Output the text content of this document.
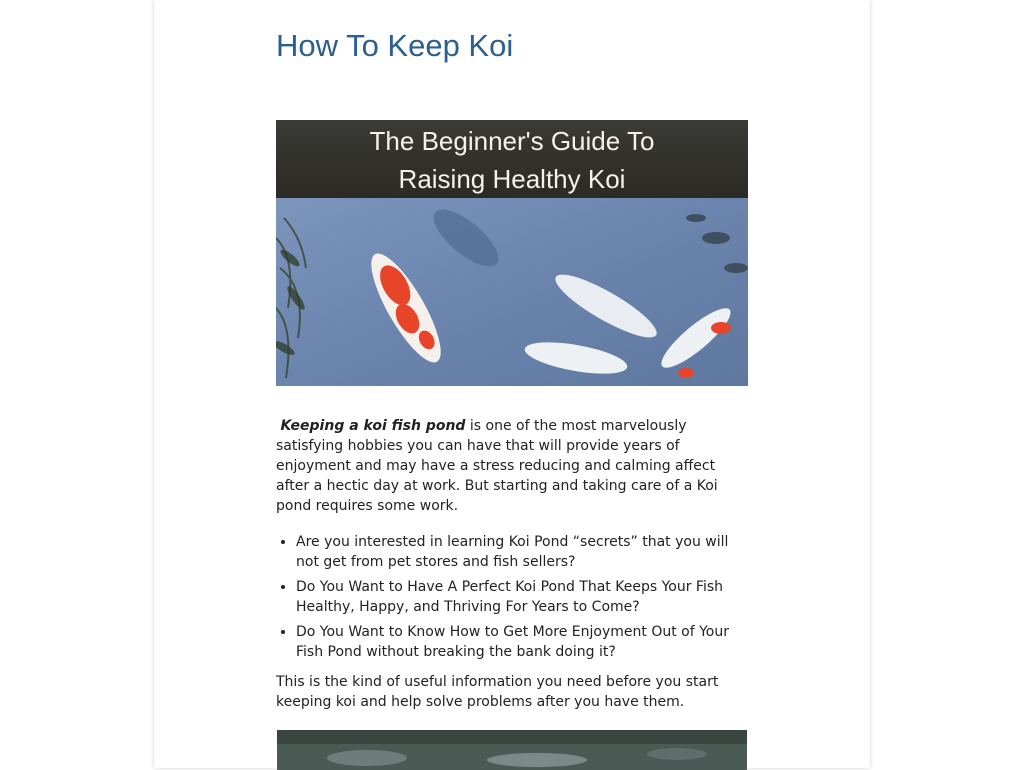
How To Keep Koi
The Beginner's Guide To
Raising Healthy Koi

Keeping a koi fish pond is one of the most marvelously satisfying hobbies you can have that will provide years of enjoyment and may have a stress reducing and calming affect after a hectic day at work. But starting and taking care of a Koi pond requires some work.

• Are you interested in learning Koi Pond “secrets” that you will not get from pet stores and fish sellers?
• Do You Want to Have A Perfect Koi Pond That Keeps Your Fish Healthy, Happy, and Thriving For Years to Come?
• Do You Want to Know How to Get More Enjoyment Out of Your Fish Pond without breaking the bank doing it?

This is the kind of useful information you need before you start keeping koi and help solve problems after you have them.
